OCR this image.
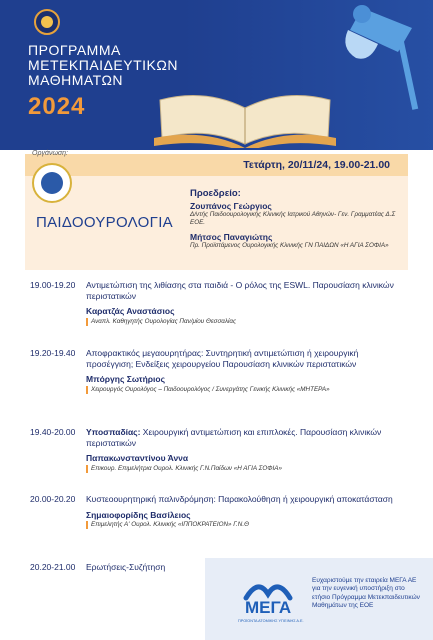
ΠΡΟΓΡΑΜΜΑ
ΜΕΤΕΚΠΑΙΔΕΥΤΙΚΩΝ
ΜΑΘΗΜΑΤΩΝ
2024
Τετάρτη, 20/11/24, 19.00-21.00
Οργάνωση:
ΠΑΙΔΟΟΥΡΟΛΟΓΙΑ
Προεδρείο:
Ζουπάνος Γεώργιος
Δ/ντής Παιδοουρολογικής Κλινικής Ιατρικού Αθηνών- Γεν. Γραμματέας Δ.Σ ΕΟΕ.
Μήτσος Παναγιώτης
Πρ. Προϊστάμενος Ουρολογικής Κλινικής ΓΝ ΠΑΙΔΩΝ «Η ΑΓΙΑ ΣΟΦΙΑ»
19.00-19.20 Αντιμετώπιση της λιθίασης στα παιδιά - Ο ρόλος της ESWL. Παρουσίαση κλινικών περιστατικών
Καρατζάς Αναστάσιος
Αναπλ. Καθηγητής Ουρολογίας Παν/μίου Θεσσαλίας
19.20-19.40 Αποφρακτικός μεγαουρητήρας: Συντηρητική αντιμετώπιση ή χειρουργική προσέγγιση; Ενδείξεις χειρουργείου Παρουσίαση κλινικών περιστατικών
Μπόργης Σωτήριος
Χειρουργός Ουρολόγος – Παιδοουρολόγος / Συνεργάτης Γενικής Κλινικής «ΜΗΤΕΡΑ»
19.40-20.00 Υποσπαδίας: Χειρουργική αντιμετώπιση και επιπλοκές. Παρουσίαση κλινικών περιστατικών
Παπακωνσταντίνου Άννα
Επικουρ. Επιμελήτρια Ουρολ. Κλινικής Γ.Ν.Παίδων «Η ΑΓΙΑ ΣΟΦΙΑ»
20.00-20.20 Κυστεοουρητηρική παλινδρόμηση: Παρακολούθηση ή χειρουργική αποκατάσταση
Σημαιοφορίδης Βασίλειος
Επιμελητής Α' Ουρολ. Κλινικής «ΙΠΠΟΚΡΑΤΕΙΟΝ» Γ.Ν.Θ
20.20-21.00 Ερωτήσεις-Συζήτηση
ΜΕΓΑ
ΠΡΟΪΟΝΤΑ ΑΤΟΜΙΚΗΣ ΥΓΙΕΙΝΗΣ Α.Ε.
Ευχαριστούμε την εταιρεία ΜΕΓΑ ΑΕ για την ευγενική υποστήριξη στο ετήσιο Πρόγραμμα Μετεκπαιδευτικών Μαθημάτων της ΕΟΕ
